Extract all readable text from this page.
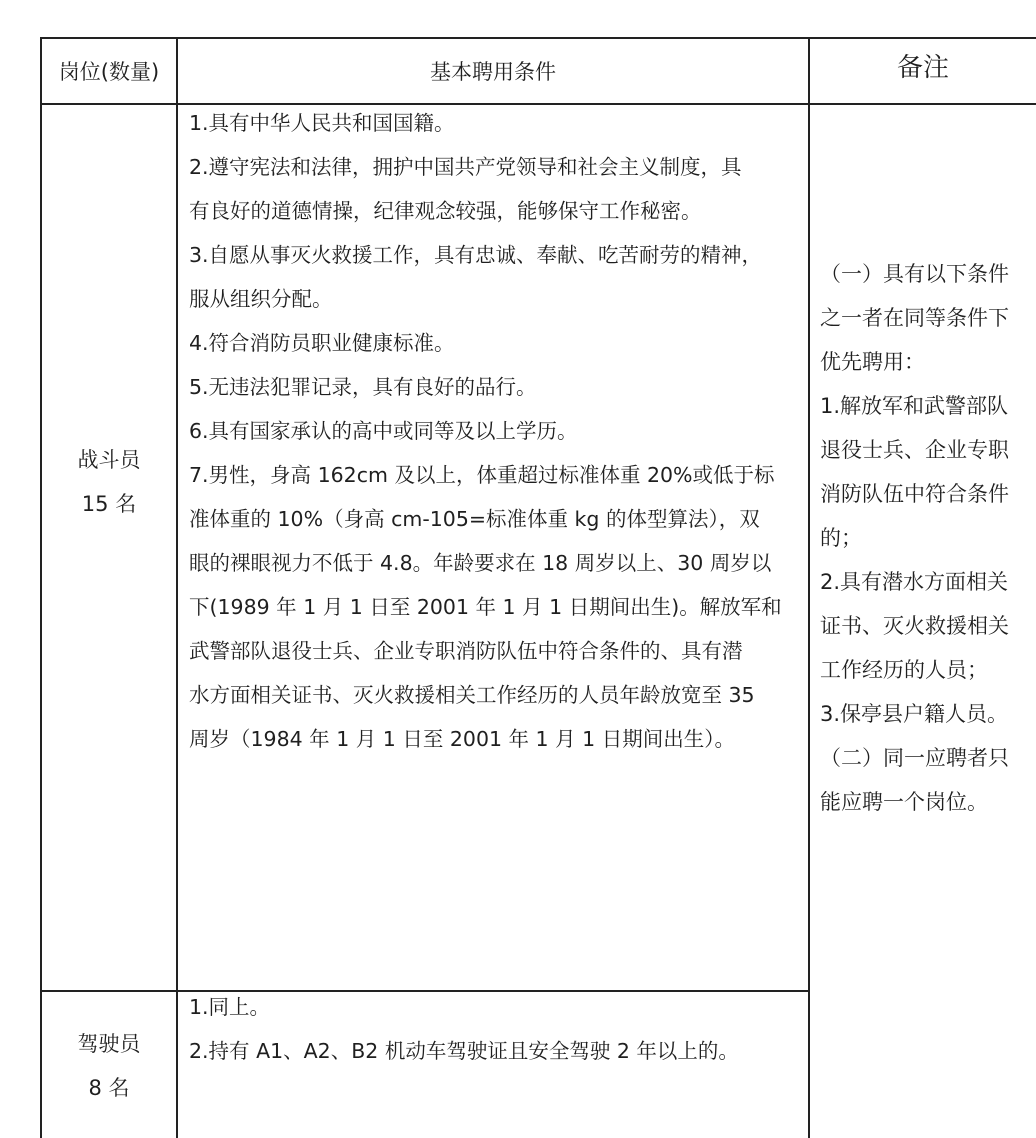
岗位(数量)	基本聘用条件	备注
战斗员
15 名
1.具有中华人民共和国国籍。
2.遵守宪法和法律，拥护中国共产党领导和社会主义制度，具
有良好的道德情操，纪律观念较强，能够保守工作秘密。
3.自愿从事灭火救援工作，具有忠诚、奉献、吃苦耐劳的精神，
服从组织分配。
4.符合消防员职业健康标准。
5.无违法犯罪记录，具有良好的品行。
6.具有国家承认的高中或同等及以上学历。
7.男性，身高 162cm 及以上，体重超过标准体重 20%或低于标
准体重的 10%（身高 cm-105=标准体重 kg 的体型算法），双
眼的裸眼视力不低于 4.8。年龄要求在 18 周岁以上、30 周岁以
下(1989 年 1 月 1 日至 2001 年 1 月 1 日期间出生)。解放军和
武警部队退役士兵、企业专职消防队伍中符合条件的、具有潜
水方面相关证书、灭火救援相关工作经历的人员年龄放宽至 35
周岁（1984 年 1 月 1 日至 2001 年 1 月 1 日期间出生）。
（一）具有以下条件
之一者在同等条件下
优先聘用：
1.解放军和武警部队
退役士兵、企业专职
消防队伍中符合条件
的；
2.具有潜水方面相关
证书、灭火救援相关
工作经历的人员；
3.保亭县户籍人员。
（二）同一应聘者只
能应聘一个岗位。
驾驶员
8 名
1.同上。
2.持有 A1、A2、B2 机动车驾驶证且安全驾驶 2 年以上的。
